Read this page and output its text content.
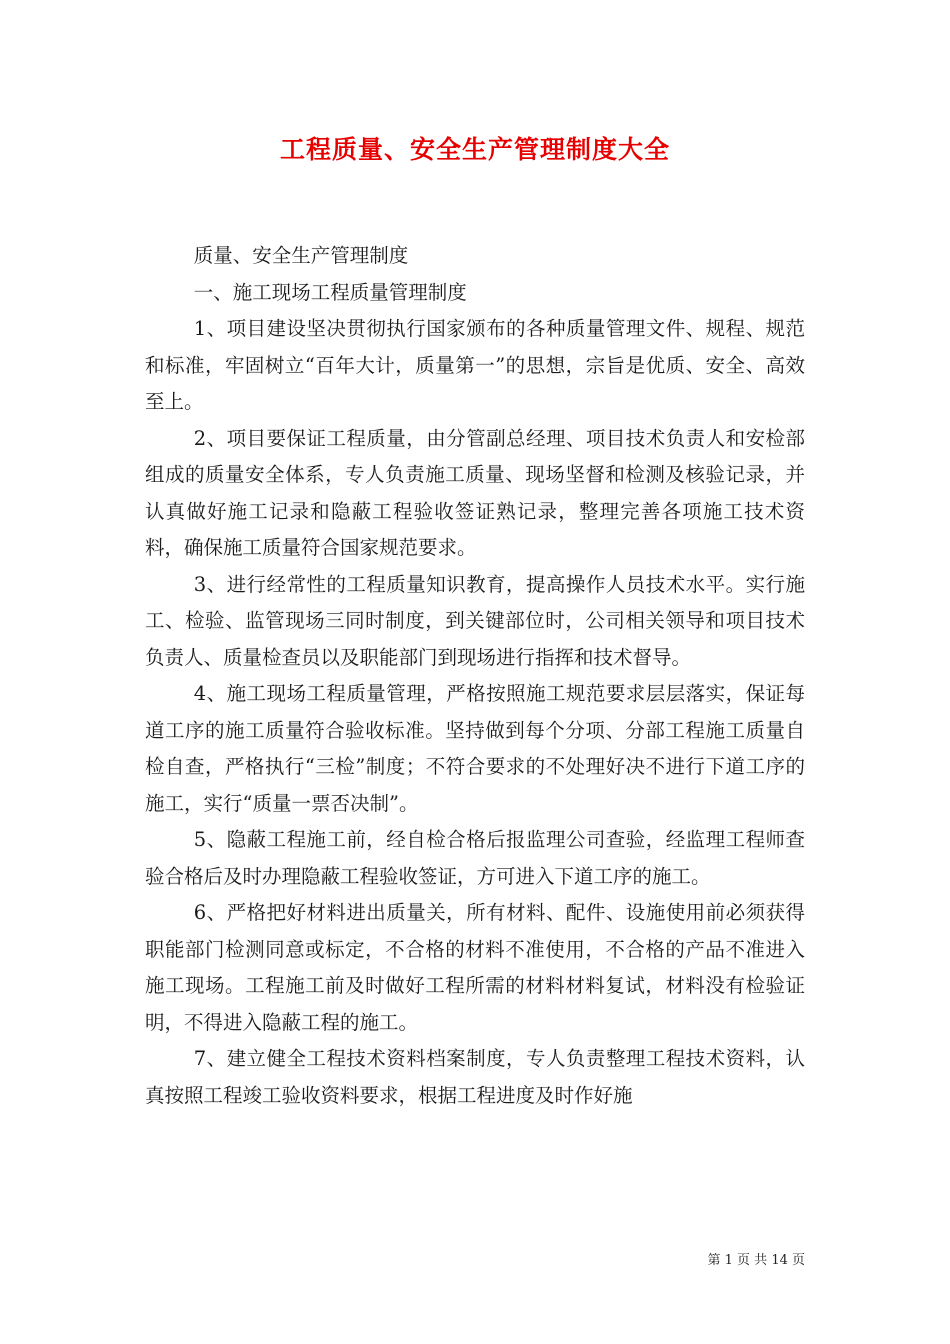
工程质量、安全生产管理制度大全

质量、安全生产管理制度

一、施工现场工程质量管理制度

1、项目建设坚决贯彻执行国家颁布的各种质量管理文件、规程、规范和标准，牢固树立“百年大计，质量第一”的思想，宗旨是优质、安全、高效至上。

2、项目要保证工程质量，由分管副总经理、项目技术负责人和安检部组成的质量安全体系，专人负责施工质量、现场坚督和检测及核验记录，并认真做好施工记录和隐蔽工程验收签证熟记录，整理完善各项施工技术资料，确保施工质量符合国家规范要求。

3、进行经常性的工程质量知识教育，提高操作人员技术水平。实行施工、检验、监管现场三同时制度，到关键部位时，公司相关领导和项目技术负责人、质量检查员以及职能部门到现场进行指挥和技术督导。

4、施工现场工程质量管理，严格按照施工规范要求层层落实，保证每道工序的施工质量符合验收标准。坚持做到每个分项、分部工程施工质量自检自查，严格执行“三检”制度；不符合要求的不处理好决不进行下道工序的施工，实行“质量一票否决制”。

5、隐蔽工程施工前，经自检合格后报监理公司查验，经监理工程师查验合格后及时办理隐蔽工程验收签证，方可进入下道工序的施工。

6、严格把好材料进出质量关，所有材料、配件、设施使用前必须获得职能部门检测同意或标定，不合格的材料不准使用，不合格的产品不准进入施工现场。工程施工前及时做好工程所需的材料材料复试，材料没有检验证明，不得进入隐蔽工程的施工。

7、建立健全工程技术资料档案制度，专人负责整理工程技术资料，认真按照工程竣工验收资料要求，根据工程进度及时作好施

第 1 页 共 14 页
